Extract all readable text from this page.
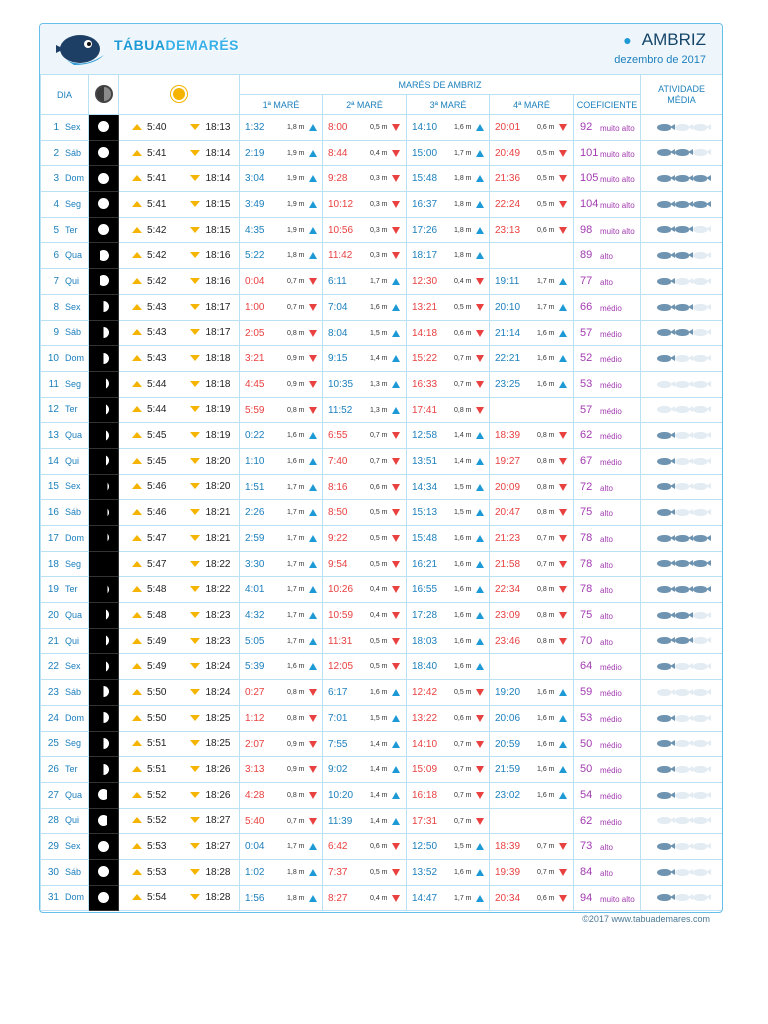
TÁBUADEMARÉS	● AMBRIZ
dezembro de 2017
DIA			MARÉS DE AMBRIZ					ATIVIDADE MÉDIA
			1ª MARÉ	2ª MARÉ	3ª MARÉ	4ª MARÉ	COEFICIENTE	
1 Sex		5:40 18:13	1:32 1,8 m	8:00 0,5 m	14:10 1,6 m	20:01 0,6 m	92 muito alto	

2 Sáb		5:41 18:14	2:19 1,9 m	8:44 0,4 m	15:00 1,7 m	20:49 0,5 m	101 muito alto	

3 Dom		5:41 18:14	3:04 1,9 m	9:28 0,3 m	15:48 1,8 m	21:36 0,5 m	105 muito alto	

4 Seg		5:41 18:15	3:49 1,9 m	10:12 0,3 m	16:37 1,8 m	22:24 0,5 m	104 muito alto	

5 Ter		5:42 18:15	4:35 1,9 m	10:56 0,3 m	17:26 1,8 m	23:13 0,6 m	98 muito alto	

6 Qua		5:42 18:16	5:22 1,8 m	11:42 0,3 m	18:17 1,8 m		89 alto	

7 Qui		5:42 18:16	0:04 0,7 m	6:11 1,7 m	12:30 0,4 m	19:11 1,7 m	77 alto	

8 Sex		5:43 18:17	1:00 0,7 m	7:04 1,6 m	13:21 0,5 m	20:10 1,7 m	66 médio	

9 Sáb		5:43 18:17	2:05 0,8 m	8:04 1,5 m	14:18 0,6 m	21:14 1,6 m	57 médio	

10 Dom		5:43 18:18	3:21 0,9 m	9:15 1,4 m	15:22 0,7 m	22:21 1,6 m	52 médio	

11 Seg		5:44 18:18	4:45 0,9 m	10:35 1,3 m	16:33 0,7 m	23:25 1,6 m	53 médio	

12 Ter		5:44 18:19	5:59 0,8 m	11:52 1,3 m	17:41 0,8 m		57 médio	

13 Qua		5:45 18:19	0:22 1,6 m	6:55 0,7 m	12:58 1,4 m	18:39 0,8 m	62 médio	

14 Qui		5:45 18:20	1:10 1,6 m	7:40 0,7 m	13:51 1,4 m	19:27 0,8 m	67 médio	

15 Sex		5:46 18:20	1:51 1,7 m	8:16 0,6 m	14:34 1,5 m	20:09 0,8 m	72 alto	

16 Sáb		5:46 18:21	2:26 1,7 m	8:50 0,5 m	15:13 1,5 m	20:47 0,8 m	75 alto	

17 Dom		5:47 18:21	2:59 1,7 m	9:22 0,5 m	15:48 1,6 m	21:23 0,7 m	78 alto	

18 Seg		5:47 18:22	3:30 1,7 m	9:54 0,5 m	16:21 1,6 m	21:58 0,7 m	78 alto	

19 Ter		5:48 18:22	4:01 1,7 m	10:26 0,4 m	16:55 1,6 m	22:34 0,8 m	78 alto	

20 Qua		5:48 18:23	4:32 1,7 m	10:59 0,4 m	17:28 1,6 m	23:09 0,8 m	75 alto	

21 Qui		5:49 18:23	5:05 1,7 m	11:31 0,5 m	18:03 1,6 m	23:46 0,8 m	70 alto	

22 Sex		5:49 18:24	5:39 1,6 m	12:05 0,5 m	18:40 1,6 m		64 médio	

23 Sáb		5:50 18:24	0:27 0,8 m	6:17 1,6 m	12:42 0,5 m	19:20 1,6 m	59 médio	

24 Dom		5:50 18:25	1:12 0,8 m	7:01 1,5 m	13:22 0,6 m	20:06 1,6 m	53 médio	

25 Seg		5:51 18:25	2:07 0,9 m	7:55 1,4 m	14:10 0,7 m	20:59 1,6 m	50 médio	

26 Ter		5:51 18:26	3:13 0,9 m	9:02 1,4 m	15:09 0,7 m	21:59 1,6 m	50 médio	

27 Qua		5:52 18:26	4:28 0,8 m	10:20 1,4 m	16:18 0,7 m	23:02 1,6 m	54 médio	

28 Qui		5:52 18:27	5:40 0,7 m	11:39 1,4 m	17:31 0,7 m		62 médio	

29 Sex		5:53 18:27	0:04 1,7 m	6:42 0,6 m	12:50 1,5 m	18:39 0,7 m	73 alto	

30 Sáb		5:53 18:28	1:02 1,8 m	7:37 0,5 m	13:52 1,6 m	19:39 0,7 m	84 alto	

31 Dom		5:54 18:28	1:56 1,8 m	8:27 0,4 m	14:47 1,7 m	20:34 0,6 m	94 muito alto	

©2017 www.tabuademares.com
